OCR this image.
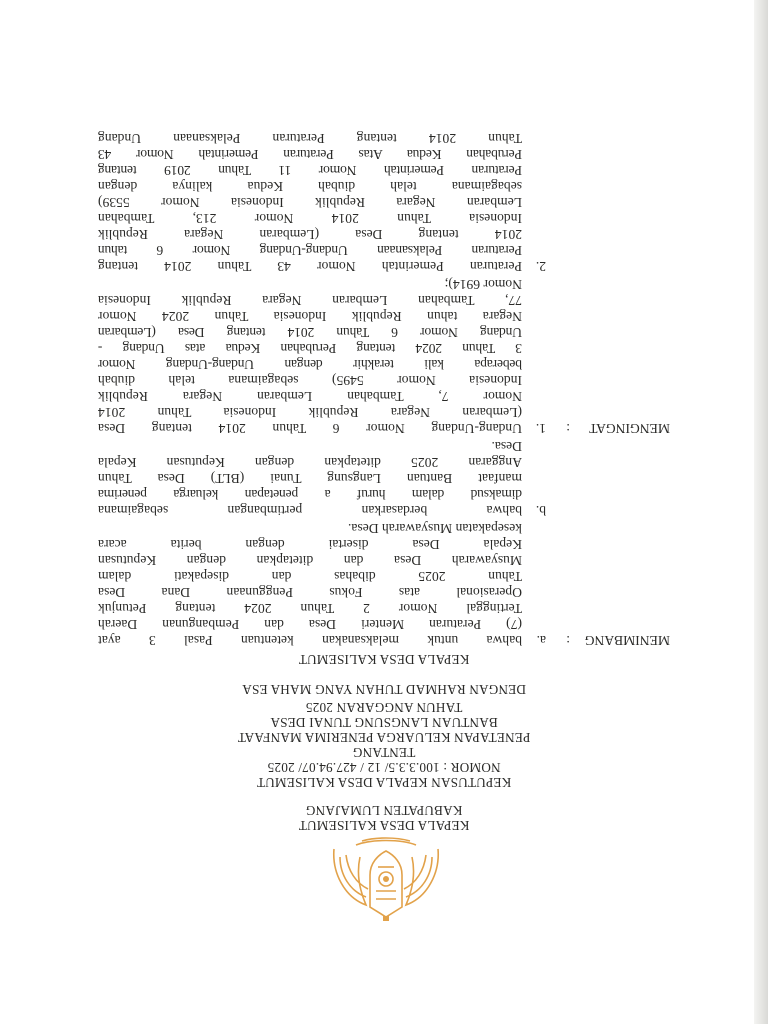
KEPALA DESA KALISEMUT
KABUPATEN LUMAJANG
KEPUTUSAN KEPALA DESA KALISEMUT
NOMOR : 100.3.3.5/ 12 / 427.94.07/ 2025
TENTANG
PENETAPAN KELUARGA PENERIMA MANFAAT
BANTUAN LANGSUNG TUNAI DESA
TAHUN ANGGARAN 2025
DENGAN RAHMAD TUHAN YANG MAHA ESA
KEPALA DESA KALISEMUT
MENIMBANG
:
a.
bahwa untuk melaksanakan ketentuan Pasal 3 ayat
(7) Peraturan Menteri Desa dan Pembangunan Daerah
Tertinggal Nomor 2 Tahun 2024 tentang Petunjuk
Operasional atas Fokus Penggunaan Dana Desa
Tahun 2025 dibahas dan disepakati dalam
Musyawarah Desa dan ditetapkan dengan Keputusan
Kepala Desa disertai dengan berita acara
kesepakatan Musyawarah Desa.
b.
bahwa berdasarkan pertimbangan sebagaimana
dimaksud dalam huruf a penetapan keluarga penerima
manfaat Bantuan Langsung Tunai (BLT) Desa Tahun
Anggaran 2025 ditetapkan dengan Keputusan Kepala
Desa.
MENGINGAT
:
1.
Undang-Undang Nomor 6 Tahun 2014 tentang Desa
(Lembaran Negara Republik Indonesia Tahun 2014
Nomor 7, Tambahan Lembaran Negara Republik
Indonesia Nomor 5495) sebagaimana telah diubah
beberapa kali terakhir dengan Undang-Undang Nomor
3 Tahun 2024 tentang Perubahan Kedua atas Undang -
Undang Nomor 6 Tahun 2014 tentang Desa (Lembaran
Negara tahun Republik Indonesia Tahun 2024 Nomor
77, Tambahan Lembaran Negara Republik Indonesia
Nomor 6914);
2.
Peraturan Pemerintah Nomor 43 Tahun 2014 tentang
Peraturan Pelaksanaan Undang-Undang Nomor 6 tahun
2014 tentang Desa (Lembaran Negara Republik
Indonesia Tahun 2014 Nomor 213, Tambahan
Lembaran Negara Republik Indonesia Nomor 5539)
sebagaimana telah diubah Kedua kalinya dengan
Peraturan Pemerintah Nomor 11 Tahun 2019 tentang
Perubahan Kedua Atas Peraturan Pemerintah Nomor 43
Tahun 2014 tentang Peraturan Pelaksanaan Undang
